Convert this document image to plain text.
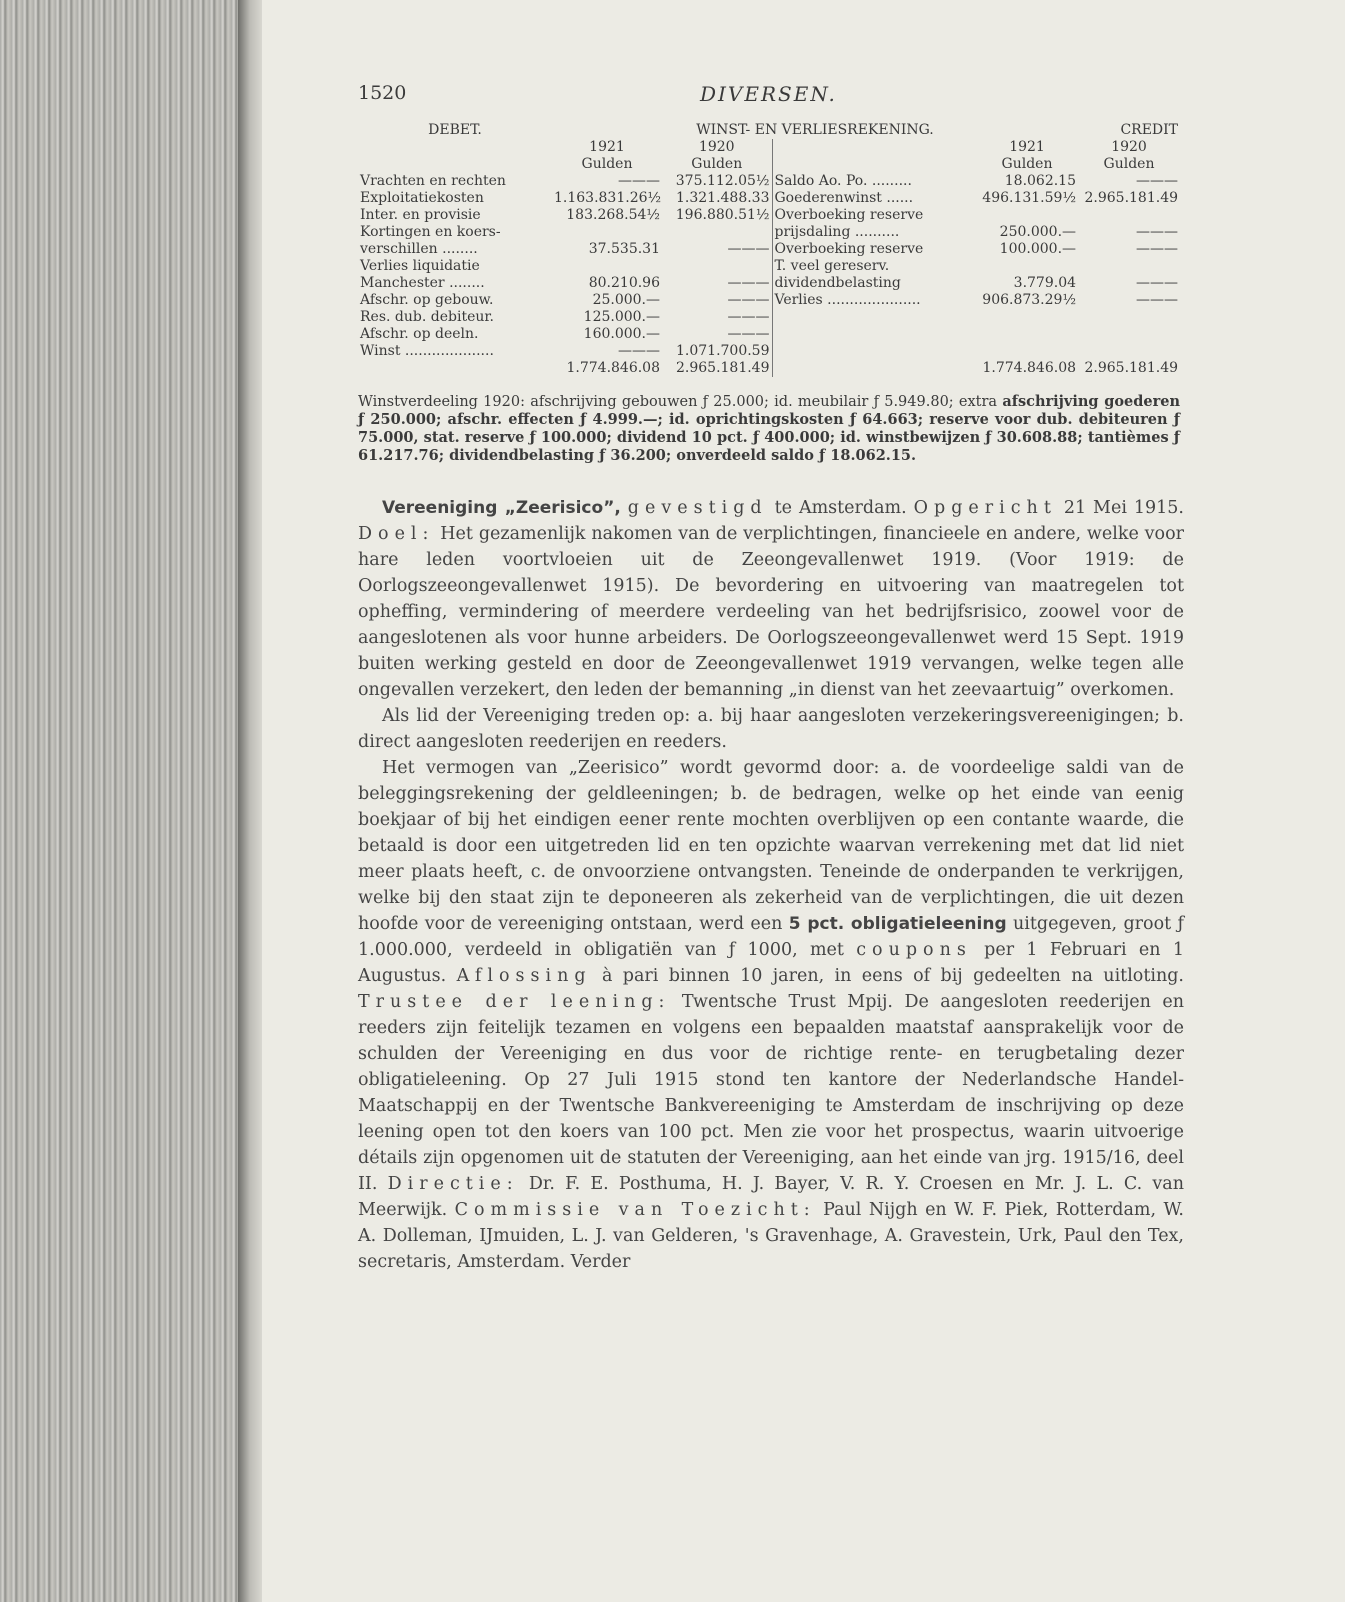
1520	DIVERSEN.
DEBET.	WINST- EN VERLIESREKENING.				CREDIT
	1921	1920		1921	1920
	Gulden	Gulden		Gulden	Gulden
Vrachten en rechten	———	375.112.05½	Saldo Ao. Po. .........	18.062.15	———
Exploitatiekosten	1.163.831.26½	1.321.488.33	Goederenwinst ......	496.131.59½	2.965.181.49
Inter. en provisie	183.268.54½	196.880.51½	Overboeking reserve		
Kortingen en koers-			prijsdaling ..........	250.000.—	———
verschillen ........	37.535.31	———	Overboeking reserve	100.000.—	———
Verlies liquidatie			T. veel gereserv.		
Manchester ........	80.210.96	———	dividendbelasting	3.779.04	———
Afschr. op gebouw.	25.000.—	———	Verlies .....................	906.873.29½	———
Res. dub. debiteur.	125.000.—	———			
Afschr. op deeln.	160.000.—	———			
Winst ....................	———	1.071.700.59			
	1.774.846.08	2.965.181.49		1.774.846.08	2.965.181.49
Winstverdeeling 1920: afschrijving gebouwen ƒ 25.000; id. meubilair ƒ 5.949.80; extra afschrijving goederen ƒ 250.000; afschr. effecten ƒ 4.999.—; id. oprichtingskosten ƒ 64.663; reserve voor dub. debiteuren ƒ 75.000, stat. reserve ƒ 100.000; dividend 10 pct. ƒ 400.000; id. winstbewijzen ƒ 30.608.88; tantièmes ƒ 61.217.76; dividendbelasting ƒ 36.200; onverdeeld saldo ƒ 18.062.15.

Vereeniging „Zeerisico”, gevestigd te Amsterdam. Opgericht 21 Mei 1915. Doel: Het gezamenlijk nakomen van de verplichtingen, financieele en andere, welke voor hare leden voortvloeien uit de Zeeongevallenwet 1919. (Voor 1919: de Oorlogszeeongevallenwet 1915). De bevordering en uitvoering van maatregelen tot opheffing, vermindering of meerdere verdeeling van het bedrijfsrisico, zoowel voor de aangeslotenen als voor hunne arbeiders. De Oorlogszeeongevallenwet werd 15 Sept. 1919 buiten werking gesteld en door de Zeeongevallenwet 1919 vervangen, welke tegen alle ongevallen verzekert, den leden der bemanning „in dienst van het zeevaartuig” overkomen.

Als lid der Vereeniging treden op: a. bij haar aangesloten verzekeringsvereenigingen; b. direct aangesloten reederijen en reeders.

Het vermogen van „Zeerisico” wordt gevormd door: a. de voordeelige saldi van de beleggingsrekening der geldleeningen; b. de bedragen, welke op het einde van eenig boekjaar of bij het eindigen eener rente mochten overblijven op een contante waarde, die betaald is door een uitgetreden lid en ten opzichte waarvan verrekening met dat lid niet meer plaats heeft, c. de onvoorziene ontvangsten. Teneinde de onderpanden te verkrijgen, welke bij den staat zijn te deponeeren als zekerheid van de verplichtingen, die uit dezen hoofde voor de vereeniging ontstaan, werd een 5 pct. obligatieleening uitgegeven, groot ƒ 1.000.000, verdeeld in obligatiën van ƒ 1000, met coupons per 1 Februari en 1 Augustus. Aflossing à pari binnen 10 jaren, in eens of bij gedeelten na uitloting. Trustee der leening: Twentsche Trust Mpij. De aangesloten reederijen en reeders zijn feitelijk tezamen en volgens een bepaalden maatstaf aansprakelijk voor de schulden der Vereeniging en dus voor de richtige rente- en terugbetaling dezer obligatieleening. Op 27 Juli 1915 stond ten kantore der Nederlandsche Handel-Maatschappij en der Twentsche Bankvereeniging te Amsterdam de inschrijving op deze leening open tot den koers van 100 pct. Men zie voor het prospectus, waarin uitvoerige détails zijn opgenomen uit de statuten der Vereeniging, aan het einde van jrg. 1915/16, deel II. Directie: Dr. F. E. Posthuma, H. J. Bayer, V. R. Y. Croesen en Mr. J. L. C. van Meerwijk. Commissie van Toezicht: Paul Nijgh en W. F. Piek, Rotterdam, W. A. Dolleman, IJmuiden, L. J. van Gelderen, 's Gravenhage, A. Gravestein, Urk, Paul den Tex, secretaris, Amsterdam. Verder
